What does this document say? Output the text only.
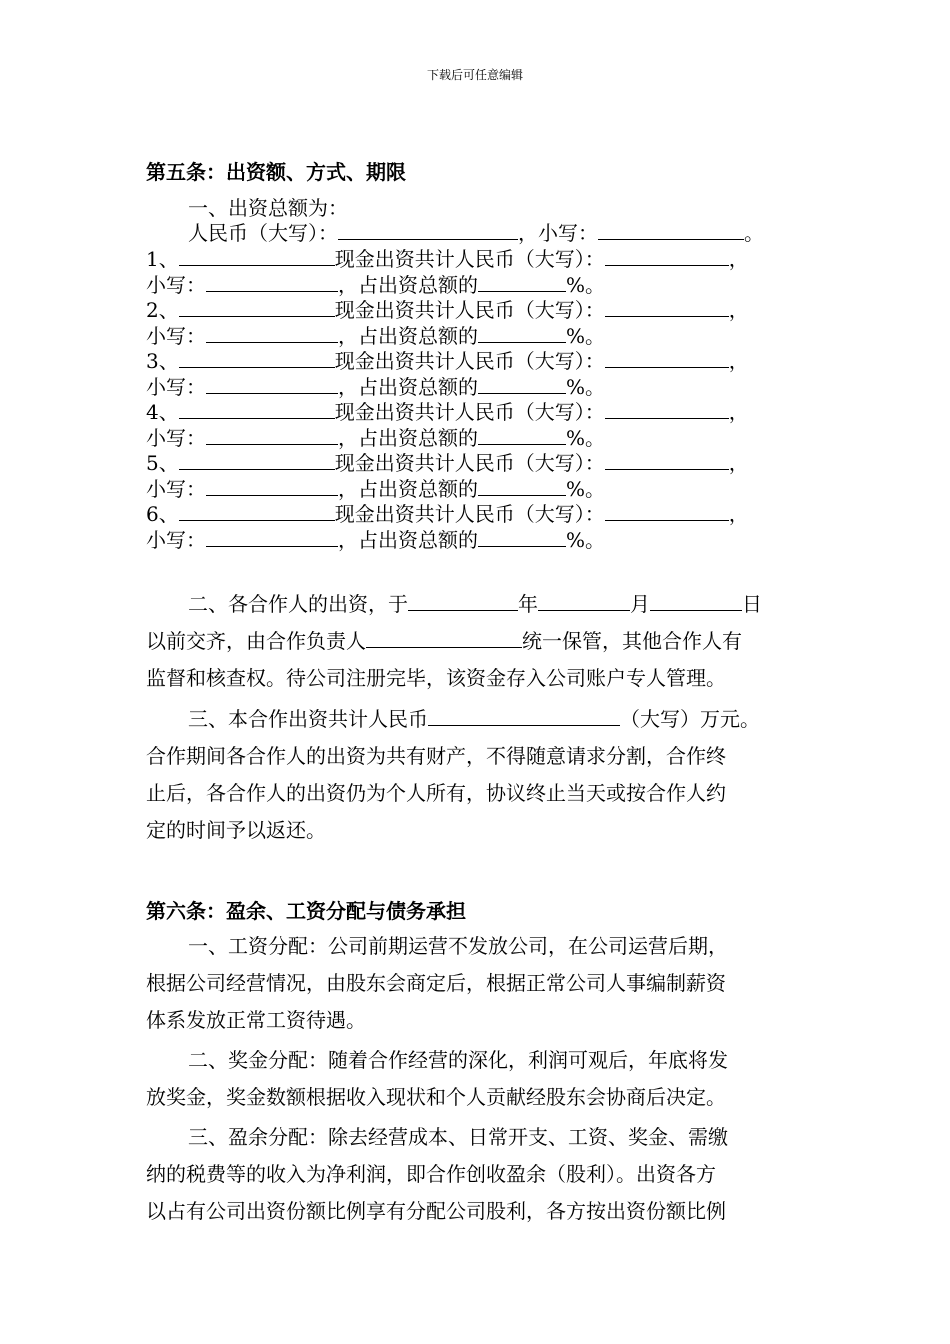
下载后可任意编辑
第五条：出资额、方式、期限
一、出资总额为：
人民币（大写）：	，小写：	。
1、	现金出资共计人民币（大写）：	，
小写：	，占出资总额的	%。
2、	现金出资共计人民币（大写）：	，
小写：	，占出资总额的	%。
3、	现金出资共计人民币（大写）：	，
小写：	，占出资总额的	%。
4、	现金出资共计人民币（大写）：	，
小写：	，占出资总额的	%。
5、	现金出资共计人民币（大写）：	，
小写：	，占出资总额的	%。
6、	现金出资共计人民币（大写）：	，
小写：	，占出资总额的	%。
二、各合作人的出资，于	年	月	日
以前交齐，由合作负责人	统一保管，其他合作人有
监督和核查权。待公司注册完毕，该资金存入公司账户专人管理。
三、本合作出资共计人民币	（大写）万元。
合作期间各合作人的出资为共有财产，不得随意请求分割，合作终
止后，各合作人的出资仍为个人所有，协议终止当天或按合作人约
定的时间予以返还。
第六条：盈余、工资分配与债务承担
一、工资分配：公司前期运营不发放公司，在公司运营后期，
根据公司经营情况，由股东会商定后，根据正常公司人事编制薪资
体系发放正常工资待遇。
二、奖金分配：随着合作经营的深化，利润可观后，年底将发
放奖金，奖金数额根据收入现状和个人贡献经股东会协商后决定。
三、盈余分配：除去经营成本、日常开支、工资、奖金、需缴
纳的税费等的收入为净利润，即合作创收盈余（股利）。出资各方
以占有公司出资份额比例享有分配公司股利，各方按出资份额比例
